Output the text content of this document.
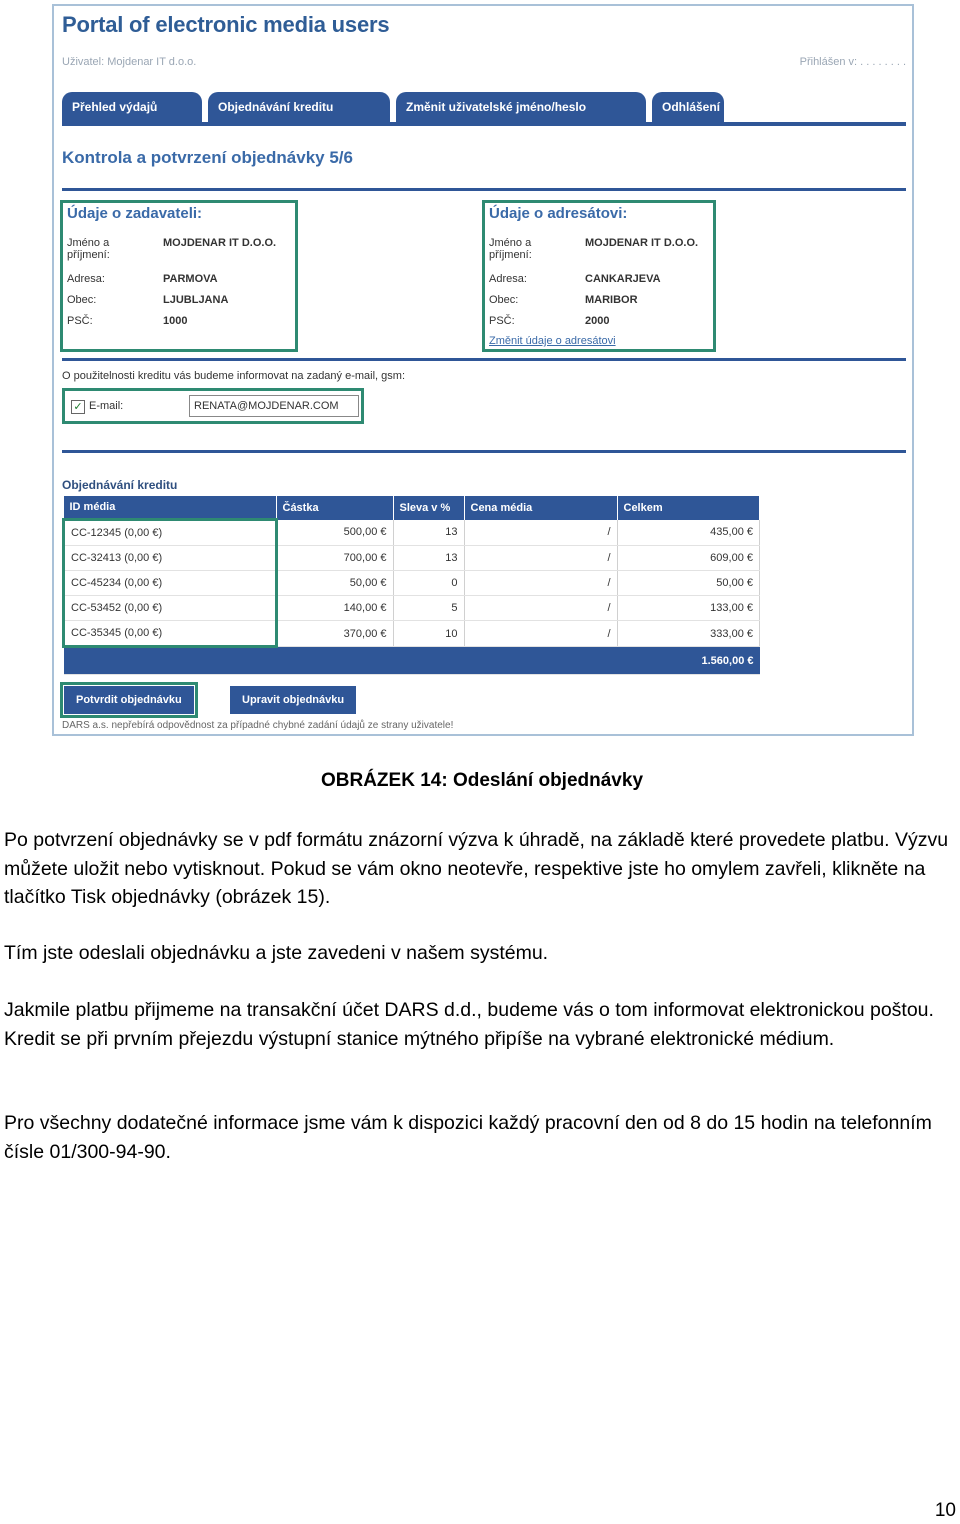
Portal of electronic media users
Uživatel: Mojdenar IT d.o.o.	Přihlášen v: . . . . . . . .
Přehled výdajů	Objednávání kreditu	Změnit uživatelské jméno/heslo	Odhlášení
Kontrola a potvrzení objednávky 5/6
Údaje o zadavateli:
Jméno a příjmení:
MOJDENAR IT D.O.O.
Adresa:	PARMOVA
Obec:	LJUBLJANA
PSČ:	1000
Údaje o adresátovi:
Jméno a příjmení:
MOJDENAR IT D.O.O.
Adresa:	CANKARJEVA
Obec:	MARIBOR
PSČ:	2000
Změnit údaje o adresátovi
O použitelnosti kreditu vás budeme informovat na zadaný e-mail, gsm:
✓ E-mail:	RENATA@MOJDENAR.COM
Objednávání kreditu
ID média	Částka	Sleva v %	Cena média	Celkem
CC-12345 (0,00 €)	500,00 €	13	/	435,00 €
CC-32413 (0,00 €)	700,00 €	13	/	609,00 €
CC-45234 (0,00 €)	50,00 €	0	/	50,00 €
CC-53452 (0,00 €)	140,00 €	5	/	133,00 €
CC-35345 (0,00 €)	370,00 €	10	/	333,00 €
				1.560,00 €
Potvrdit objednávku	Upravit objednávku
DARS a.s. nepřebírá odpovědnost za případné chybné zadání údajů ze strany uživatele!
OBRÁZEK 14: Odeslání objednávky
Po potvrzení objednávky se v pdf formátu znázorní výzva k úhradě, na základě které provedete platbu. Výzvu můžete uložit nebo vytisknout. Pokud se vám okno neotevře, respektive jste ho omylem zavřeli, klikněte na tlačítko Tisk objednávky (obrázek 15).
Tím jste odeslali objednávku a jste zavedeni v našem systému.
Jakmile platbu přijmeme na transakční účet DARS d.d., budeme vás o tom informovat elektronickou poštou. Kredit se při prvním přejezdu výstupní stanice mýtného připíše na vybrané elektronické médium.
Pro všechny dodatečné informace jsme vám k dispozici každý pracovní den od 8 do 15 hodin na telefonním čísle 01/300-94-90.
10
